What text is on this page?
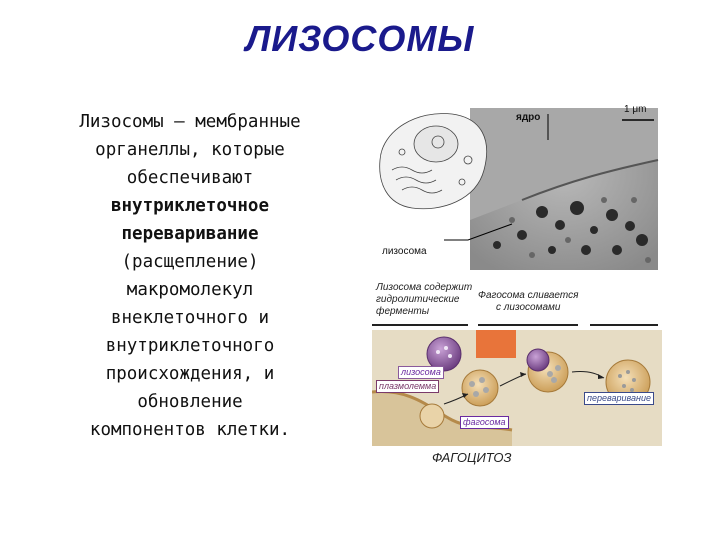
ЛИЗОСОМЫ
Лизосомы – мембранные
органеллы, которые
обеспечивают
внутриклеточное
переваривание
(расщепление)
макромолекул
внеклеточного и
внутриклеточного
происхождения, и
обновление
компонентов клетки.
ядро
1 μm
лизосома
Лизосома содержит
гидролитические
ферменты
Фагосома сливается
с лизосомами
лизосома
плазмолемма
фагосома
переваривание
ФАГОЦИТОЗ
